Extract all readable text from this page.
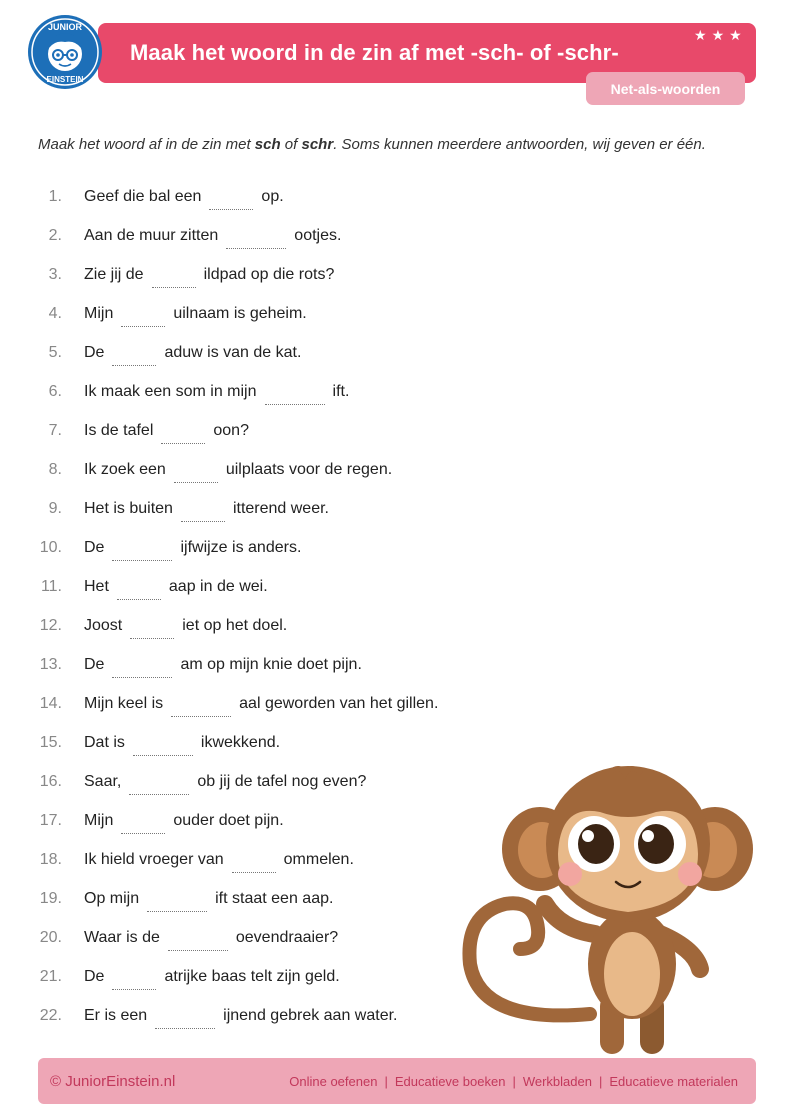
Maak het woord in de zin af met -sch- of -schr-
★ ★ ★
JUNIOR
EINSTEIN
Net-als-woorden
Maak het woord af in de zin met sch of schr. Soms kunnen meerdere antwoorden, wij geven er één.
1. Geef die bal een	op.
2. Aan de muur zitten	ootjes.
3. Zie jij de	ildpad op die rots?
4. Mijn	uilnaam is geheim.
5. De	aduw is van de kat.
6. Ik maak een som in mijn	ift.
7. Is de tafel	oon?
8. Ik zoek een	uilplaats voor de regen.
9. Het is buiten	itterend weer.
10. De	ijfwijze is anders.
11. Het	aap in de wei.
12. Joost	iet op het doel.
13. De	am op mijn knie doet pijn.
14. Mijn keel is	aal geworden van het gillen.
15. Dat is	ikwekkend.
16. Saar,	ob jij de tafel nog even?
17. Mijn	ouder doet pijn.
18. Ik hield vroeger van	ommelen.
19. Op mijn	ift staat een aap.
20. Waar is de	oevendraaier?
21. De	atrijke baas telt zijn geld.
22. Er is een	ijnend gebrek aan water.
© JuniorEinstein.nl	Online oefenen | Educatieve boeken | Werkbladen | Educatieve materialen
